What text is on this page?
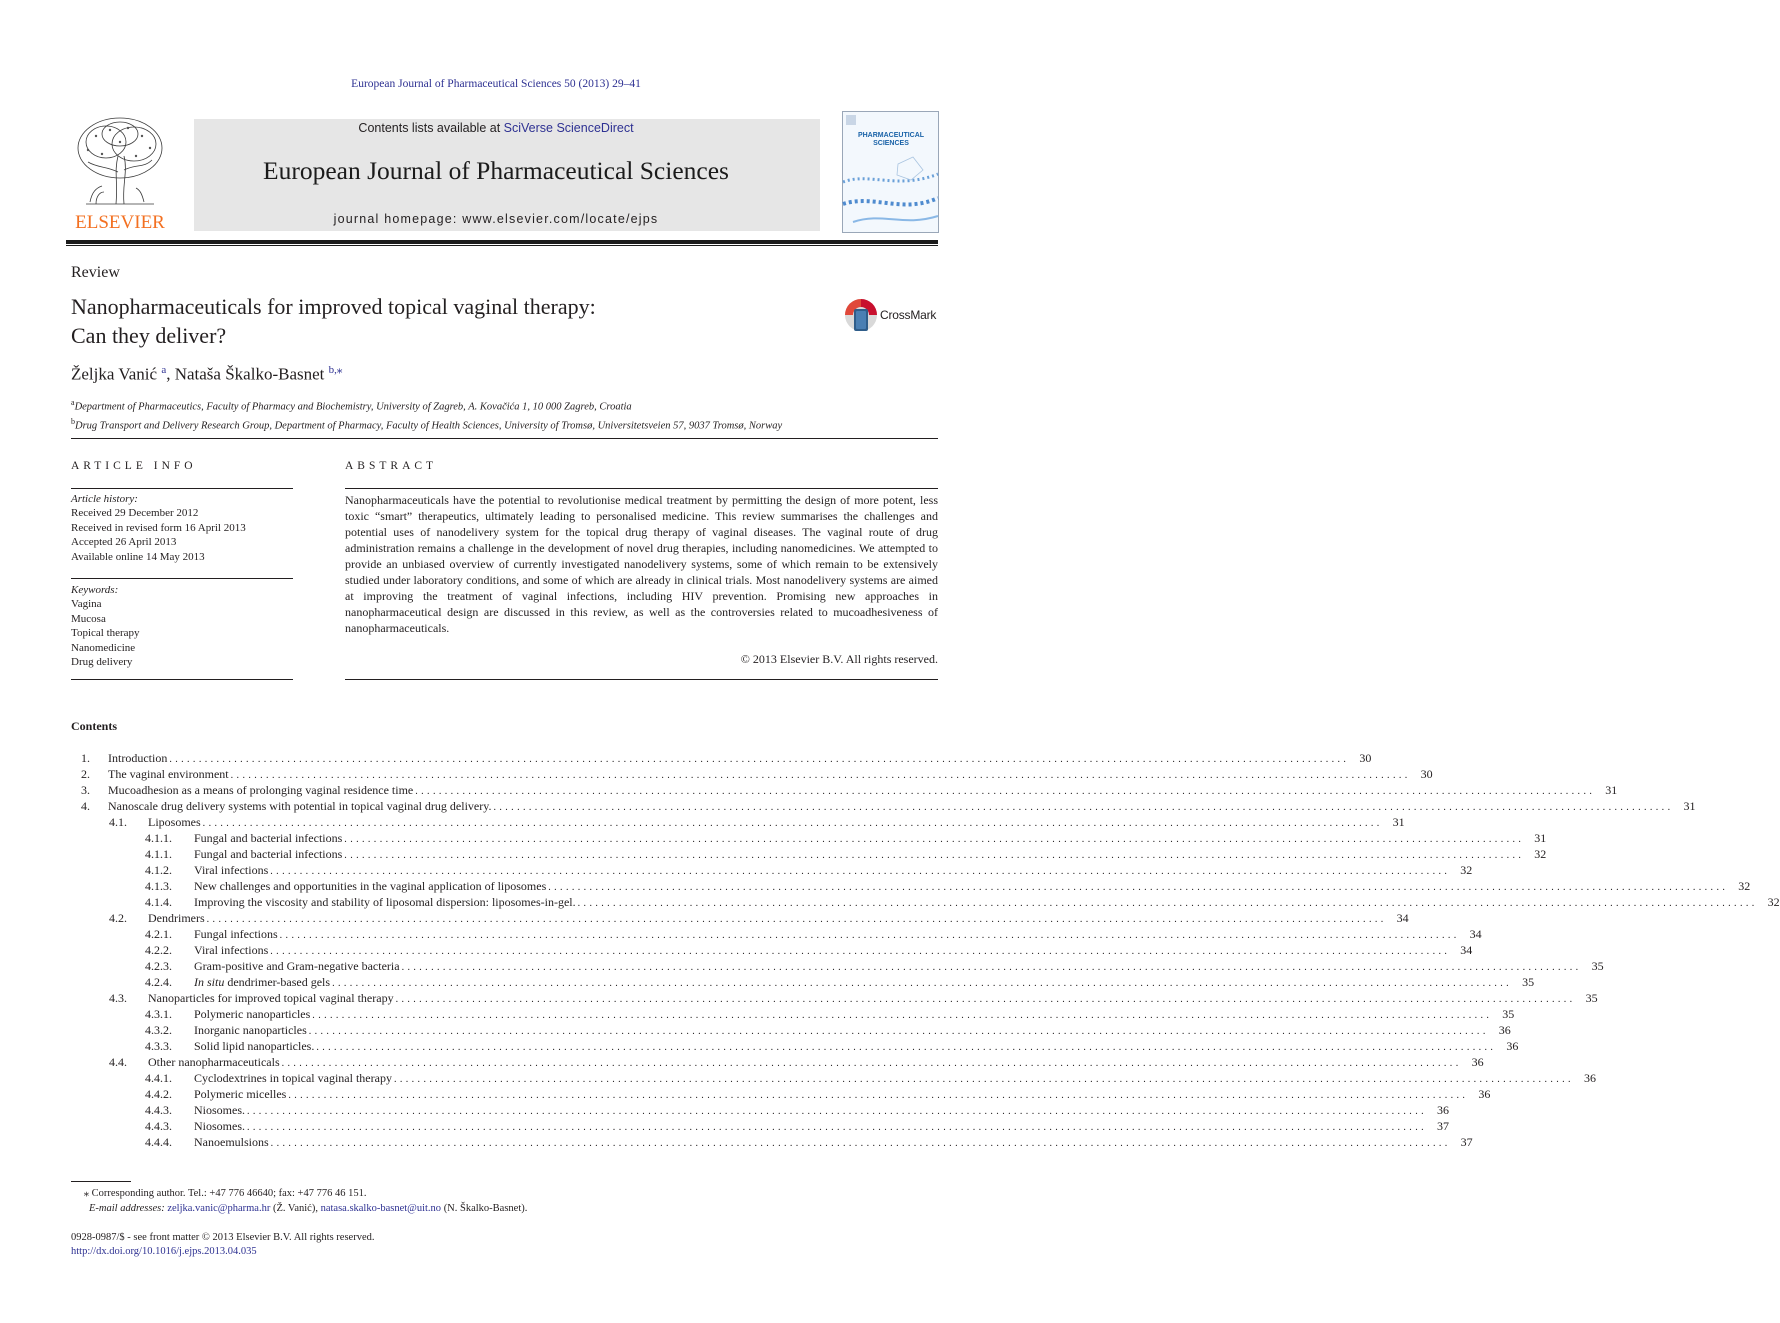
European Journal of Pharmaceutical Sciences 50 (2013) 29–41
ELSEVIER
Contents lists available at SciVerse ScienceDirect
European Journal of Pharmaceutical Sciences
journal homepage: www.elsevier.com/locate/ejps
PHARMACEUTICAL SCIENCES
Review
Nanopharmaceuticals for improved topical vaginal therapy:
Can they deliver?
CrossMark
Željka Vanić $^a$, Nataša Škalko-Basnet $^{b,⁎}$
$^a$Department of Pharmaceutics, Faculty of Pharmacy and Biochemistry, University of Zagreb, A. Kovačića 1, 10 000 Zagreb, Croatia
$^b$Drug Transport and Delivery Research Group, Department of Pharmacy, Faculty of Health Sciences, University of Tromsø, Universitetsveien 57, 9037 Tromsø, Norway
ARTICLE INFO	ABSTRACT
Article history:
Received 29 December 2012
Received in revised form 16 April 2013
Accepted 26 April 2013
Available online 14 May 2013
Keywords:
Vagina
Mucosa
Topical therapy
Nanomedicine
Drug delivery
Nanopharmaceuticals have the potential to revolutionise medical treatment by permitting the design of more potent, less toxic “smart” therapeutics, ultimately leading to personalised medicine. This review summarises the challenges and potential uses of nanodelivery system for the topical drug therapy of vaginal diseases. The vaginal route of drug administration remains a challenge in the development of novel drug therapies, including nanomedicines. We attempted to provide an unbiased overview of currently investigated nanodelivery systems, some of which remain to be extensively studied under laboratory conditions, and some of which are already in clinical trials. Most nanodelivery systems are aimed at improving the treatment of vaginal infections, including HIV prevention. Promising new approaches in nanopharmaceutical design are discussed in this review, as well as the controversies related to mucoadhesiveness of nanopharmaceuticals.
© 2013 Elsevier B.V. All rights reserved.
Contents
1.	Introduction ........................................................................................................................................................................................................ 30
2.	The vaginal environment ........................................................................................................................................................................................................ 30
3.	Mucoadhesion as a means of prolonging vaginal residence time ........................................................................................................................................................................................................ 31
4.	Nanoscale drug delivery systems with potential in topical vaginal drug delivery. ........................................................................................................................................................................................................ 31
4.1.	Liposomes ........................................................................................................................................................................................................ 31
4.1.1.	Fungal and bacterial infections ........................................................................................................................................................................................................ 31
4.1.1.	Fungal and bacterial infections ........................................................................................................................................................................................................ 32
4.1.2.	Viral infections ........................................................................................................................................................................................................ 32
4.1.3.	New challenges and opportunities in the vaginal application of liposomes ........................................................................................................................................................................................................ 32
4.1.4.	Improving the viscosity and stability of liposomal dispersion: liposomes-in-gel. ........................................................................................................................................................................................................ 32
4.2.	Dendrimers ........................................................................................................................................................................................................ 34
4.2.1.	Fungal infections ........................................................................................................................................................................................................ 34
4.2.2.	Viral infections ........................................................................................................................................................................................................ 34
4.2.3.	Gram-positive and Gram-negative bacteria ........................................................................................................................................................................................................ 35
4.2.4.	In situ dendrimer-based gels ........................................................................................................................................................................................................ 35
4.3.	Nanoparticles for improved topical vaginal therapy ........................................................................................................................................................................................................ 35
4.3.1.	Polymeric nanoparticles ........................................................................................................................................................................................................ 35
4.3.2.	Inorganic nanoparticles ........................................................................................................................................................................................................ 36
4.3.3.	Solid lipid nanoparticles. ........................................................................................................................................................................................................ 36
4.4.	Other nanopharmaceuticals ........................................................................................................................................................................................................ 36
4.4.1.	Cyclodextrines in topical vaginal therapy ........................................................................................................................................................................................................ 36
4.4.2.	Polymeric micelles ........................................................................................................................................................................................................ 36
4.4.3.	Niosomes. ........................................................................................................................................................................................................ 36
4.4.3.	Niosomes. ........................................................................................................................................................................................................ 37
4.4.4.	Nanoemulsions ........................................................................................................................................................................................................ 37
⁎ Corresponding author. Tel.: +47 776 46640; fax: +47 776 46 151.
E-mail addresses: zeljka.vanic@pharma.hr (Ž. Vanić), natasa.skalko-basnet@uit.no (N. Škalko-Basnet).
0928-0987/$ - see front matter © 2013 Elsevier B.V. All rights reserved.
http://dx.doi.org/10.1016/j.ejps.2013.04.035
